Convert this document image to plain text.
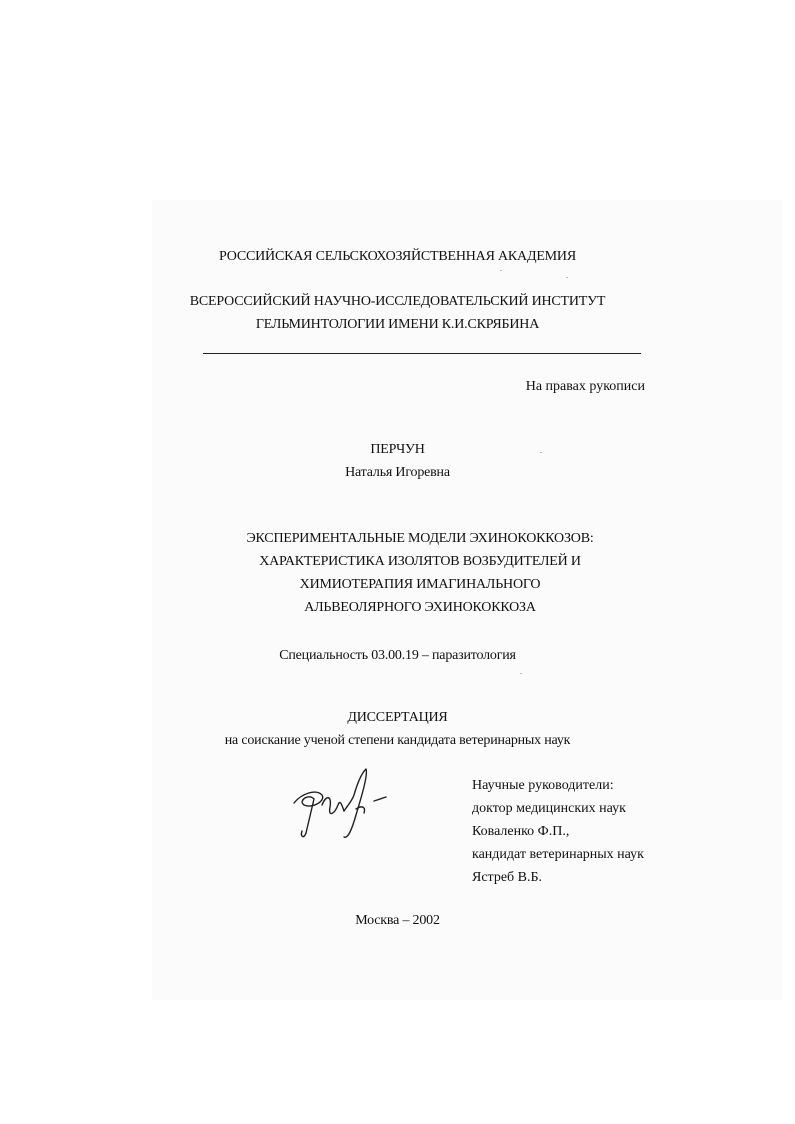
РОССИЙСКАЯ СЕЛЬСКОХОЗЯЙСТВЕННАЯ АКАДЕМИЯ
ВСЕРОССИЙСКИЙ НАУЧНО-ИССЛЕДОВАТЕЛЬСКИЙ ИНСТИТУТ
ГЕЛЬМИНТОЛОГИИ ИМЕНИ К.И.СКРЯБИНА
На правах рукописи
ПЕРЧУН
Наталья Игоревна
ЭКСПЕРИМЕНТАЛЬНЫЕ МОДЕЛИ ЭХИНОКОККОЗОВ:
ХАРАКТЕРИСТИКА ИЗОЛЯТОВ ВОЗБУДИТЕЛЕЙ И
ХИМИОТЕРАПИЯ ИМАГИНАЛЬНОГО
АЛЬВЕОЛЯРНОГО ЭХИНОКОККОЗА
Специальность 03.00.19 – паразитология
ДИССЕРТАЦИЯ
на соискание ученой степени кандидата ветеринарных наук
Научные руководители:
доктор медицинских наук
Коваленко Ф.П.,
кандидат ветеринарных наук
Ястреб В.Б.
Москва – 2002
